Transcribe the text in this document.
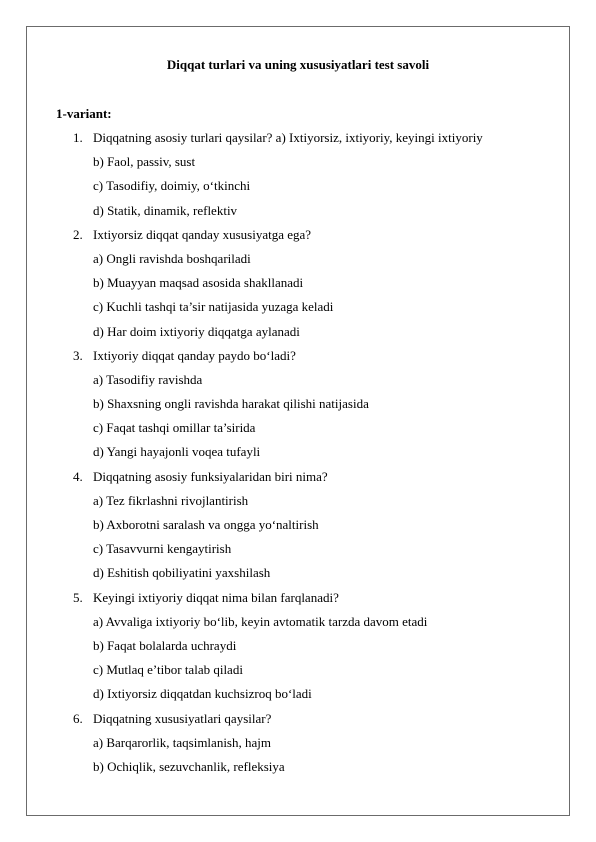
Diqqat turlari va uning xususiyatlari test savoli
1-variant:
1. Diqqatning asosiy turlari qaysilar? a) Ixtiyorsiz, ixtiyoriy, keyingi ixtiyoriy
b) Faol, passiv, sust
c) Tasodifiy, doimiy, o‘tkinchi
d) Statik, dinamik, reflektiv
2. Ixtiyorsiz diqqat qanday xususiyatga ega?
a) Ongli ravishda boshqariladi
b) Muayyan maqsad asosida shakllanadi
c) Kuchli tashqi ta’sir natijasida yuzaga keladi
d) Har doim ixtiyoriy diqqatga aylanadi
3. Ixtiyoriy diqqat qanday paydo bo‘ladi?
a) Tasodifiy ravishda
b) Shaxsning ongli ravishda harakat qilishi natijasida
c) Faqat tashqi omillar ta’sirida
d) Yangi hayajonli voqea tufayli
4. Diqqatning asosiy funksiyalaridan biri nima?
a) Tez fikrlashni rivojlantirish
b) Axborotni saralash va ongga yo‘naltirish
c) Tasavvurni kengaytirish
d) Eshitish qobiliyatini yaxshilash
5. Keyingi ixtiyoriy diqqat nima bilan farqlanadi?
a) Avvaliga ixtiyoriy bo‘lib, keyin avtomatik tarzda davom etadi
b) Faqat bolalarda uchraydi
c) Mutlaq e’tibor talab qiladi
d) Ixtiyorsiz diqqatdan kuchsizroq bo‘ladi
6. Diqqatning xususiyatlari qaysilar?
a) Barqarorlik, taqsimlanish, hajm
b) Ochiqlik, sezuvchanlik, refleksiya
